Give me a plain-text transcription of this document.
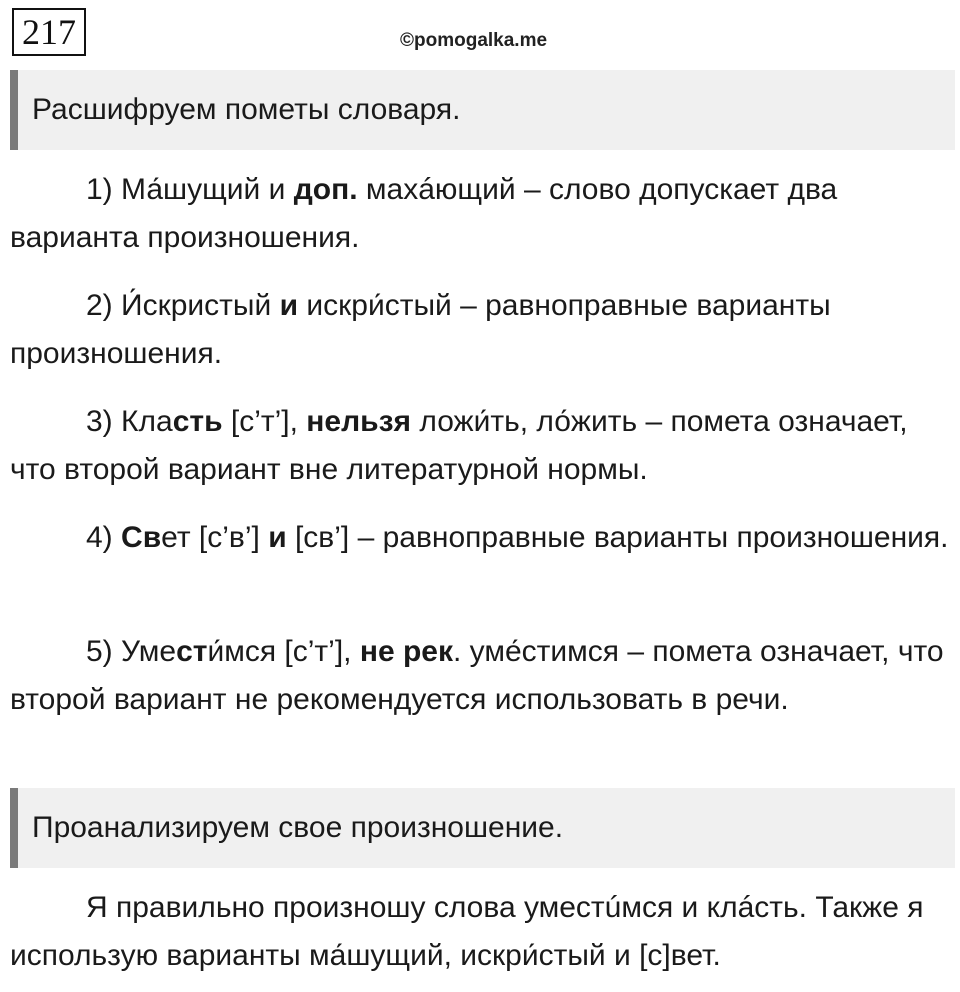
217	©pomogalka.me
Расшифруем пометы словаря.

1) Ма́шущий и доп. махáющий – слово допускает два варианта произношения.

2) И́скристый и искри́стый – равноправные варианты произношения.

3) Класть [с’т’], нельзя ложи́ть, ло́жить – помета означает, что второй вариант вне литературной нормы.

4) Свет [с’в’] и [св’] – равноправные варианты произношения.

5) Умести́мся [с’т’], не рек. уме́стимся – помета означает, что второй вариант не рекомендуется использовать в речи.

Проанализируем свое произношение.

Я правильно произношу слова уместúмся и клáсть. Также я использую варианты ма́шущий, искри́стый и [с]вет.
